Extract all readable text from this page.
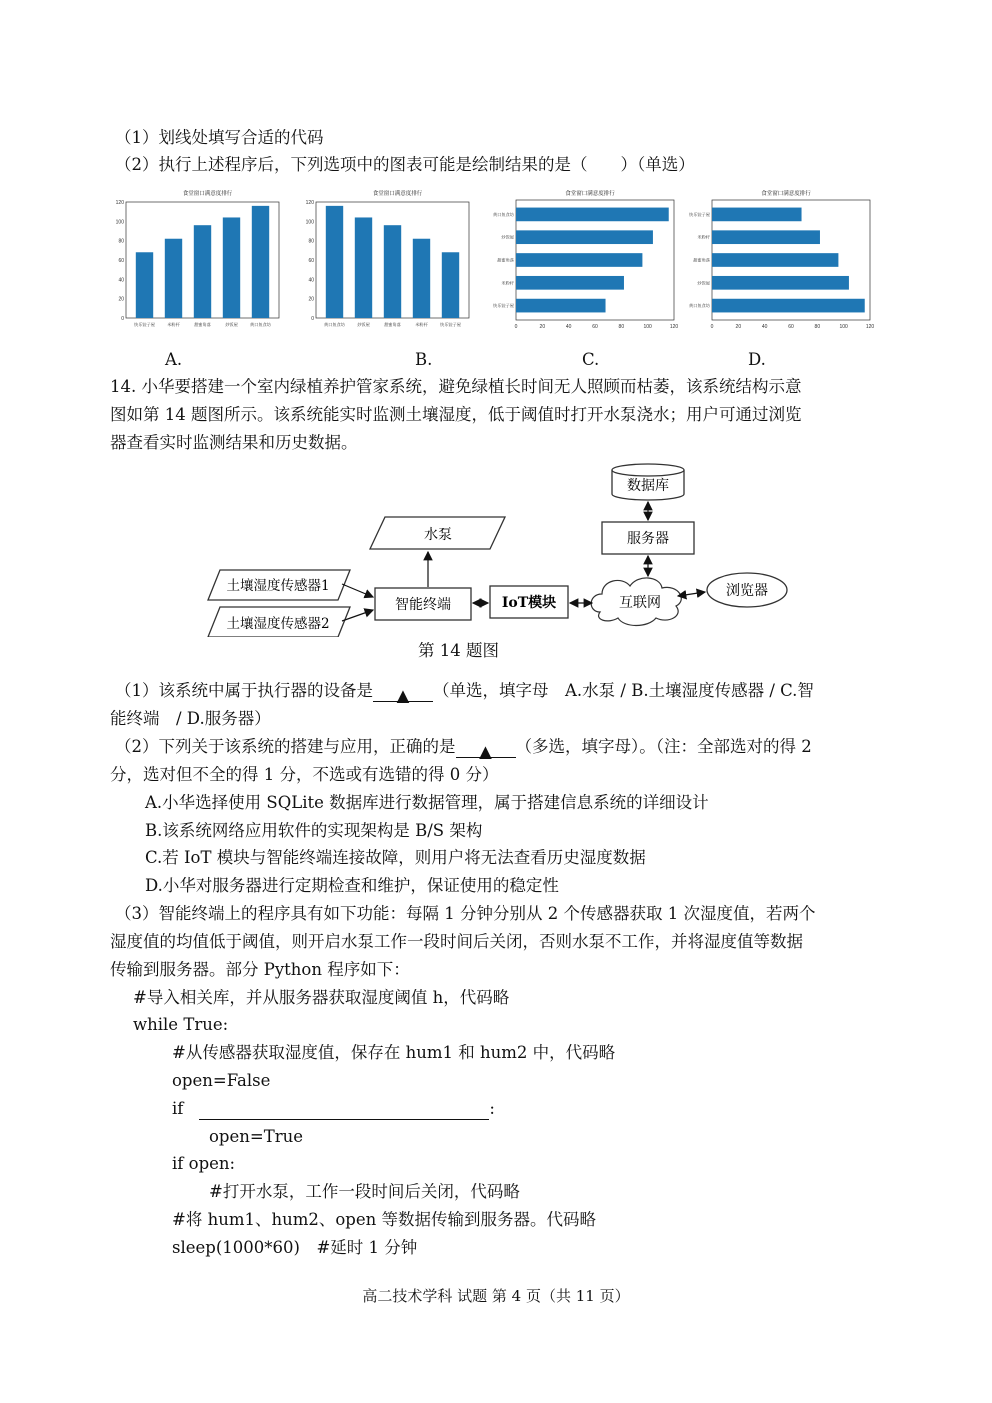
（1）划线处填写合适的代码
（2）执行上述程序后，下列选项中的图表可能是绘制结果的是（　　）（单选）
食堂窗口满意度排行
0
20
40
60
80
100
120
快乐饺子屋	米粉杆	甜蜜角落	炒饭屋	黄口鱼食坊
食堂窗口满意度排行
0
20
40
60
80
100
120
黄口鱼食坊	炒饭屋	甜蜜角落	米粉杆	快乐饺子屋
食堂窗口满意度排行
0	20	40	60	80	100	120
黄口鱼食坊
炒饭屋
甜蜜角落
米粉杆
快乐饺子屋
食堂窗口满意度排行
0	20	40	60	80	100	120
快乐饺子屋
米粉杆
甜蜜角落
炒饭屋
黄口鱼食坊
A.	B.	C.	D.
14. 小华要搭建一个室内绿植养护管家系统，避免绿植长时间无人照顾而枯萎，该系统结构示意
图如第 14 题图所示。该系统能实时监测土壤湿度，低于阈值时打开水泵浇水；用户可通过浏览
器查看实时监测结果和历史数据。
水泵
土壤湿度传感器1
土壤湿度传感器2
智能终端	IoT模块	互联网
浏览器
服务器
数据库
第 14 题图
（1）该系统中属于执行器的设备是 ▲ （单选，填字母　A.水泵 / B.土壤湿度传感器 / C.智
能终端　/ D.服务器）
（2）下列关于该系统的搭建与应用，正确的是 ▲ （多选，填字母）。（注：全部选对的得 2
分，选对但不全的得 1 分，不选或有选错的得 0 分）
A.小华选择使用 SQLite 数据库进行数据管理，属于搭建信息系统的详细设计
B.该系统网络应用软件的实现架构是 B/S 架构
C.若 IoT 模块与智能终端连接故障，则用户将无法查看历史湿度数据
D.小华对服务器进行定期检查和维护，保证使用的稳定性
（3）智能终端上的程序具有如下功能：每隔 1 分钟分别从 2 个传感器获取 1 次湿度值，若两个
湿度值的均值低于阈值，则开启水泵工作一段时间后关闭，否则水泵不工作，并将湿度值等数据
传输到服务器。部分 Python 程序如下：
#导入相关库，并从服务器获取湿度阈值 h，代码略
while True:
#从传感器获取湿度值，保存在 hum1 和 hum2 中，代码略
open=False
if	:
open=True
if open:
#打开水泵，工作一段时间后关闭，代码略
#将 hum1、hum2、open 等数据传输到服务器。代码略
sleep(1000*60)　#延时 1 分钟
高二技术学科 试题 第 4 页（共 11 页）
